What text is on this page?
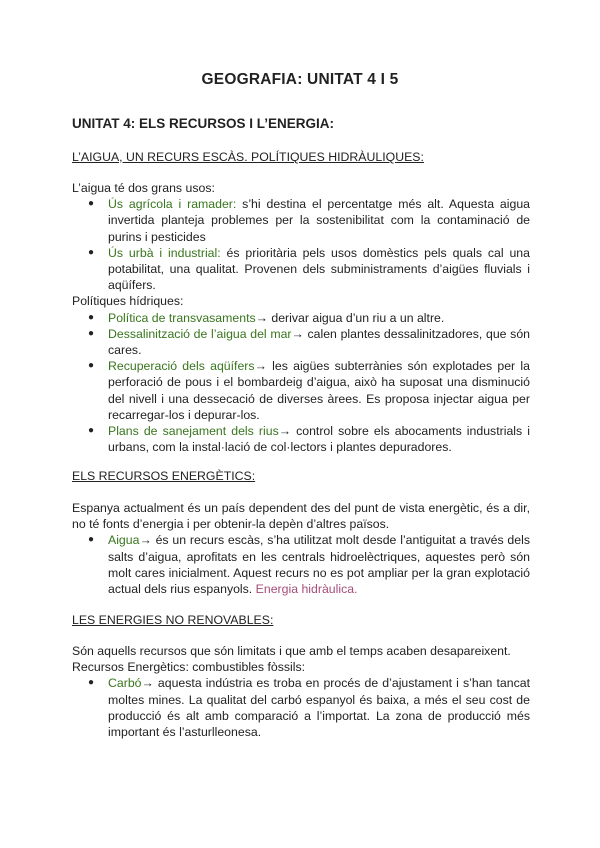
GEOGRAFIA: UNITAT 4 I 5
UNITAT 4: ELS RECURSOS I L’ENERGIA:
L’AIGUA, UN RECURS ESCÀS. POLÍTIQUES HIDRÀULIQUES:

L’aigua té dos grans usos:

● Ús agrícola i ramader: s’hi destina el percentatge més alt. Aquesta aigua invertida planteja problemes per la sostenibilitat com la contaminació de purins i pesticides
● Ús urbà i industrial: és prioritària pels usos domèstics pels quals cal una potabilitat, una qualitat. Provenen dels subministraments d’aigües fluvials i aqüífers.

Polítiques hídriques:

● Política de transvasaments→ derivar aigua d’un riu a un altre.
● Dessalinització de l’aigua del mar→ calen plantes dessalinitzadores, que són cares.
● Recuperació dels aqüífers→ les aigües subterrànies són explotades per la perforació de pous i el bombardeig d’aigua, això ha suposat una disminució del nivell i una dessecació de diverses àrees. Es proposa injectar aigua per recarregar-los i depurar-los.
● Plans de sanejament dels rius→ control sobre els abocaments industrials i urbans, com la instal·lació de col·lectors i plantes depuradores.
ELS RECURSOS ENERGÈTICS:

Espanya actualment és un país dependent des del punt de vista energètic, és a dir, no té fonts d’energia i per obtenir-la depèn d’altres països.

● Aigua→ és un recurs escàs, s’ha utilitzat molt desde l’antiguitat a través dels salts d’aigua, aprofitats en les centrals hidroelèctriques, aquestes però són molt cares inicialment. Aquest recurs no es pot ampliar per la gran explotació actual dels rius espanyols. Energia hidràulica.
LES ENERGIES NO RENOVABLES:

Són aquells recursos que són limitats i que amb el temps acaben desapareixent.

Recursos Energètics: combustibles fòssils:

● Carbó→ aquesta indústria es troba en procés de d’ajustament i s’han tancat moltes mines. La qualitat del carbó espanyol és baixa, a més el seu cost de producció és alt amb comparació a l’importat. La zona de producció més important és l’asturlleonesa.
